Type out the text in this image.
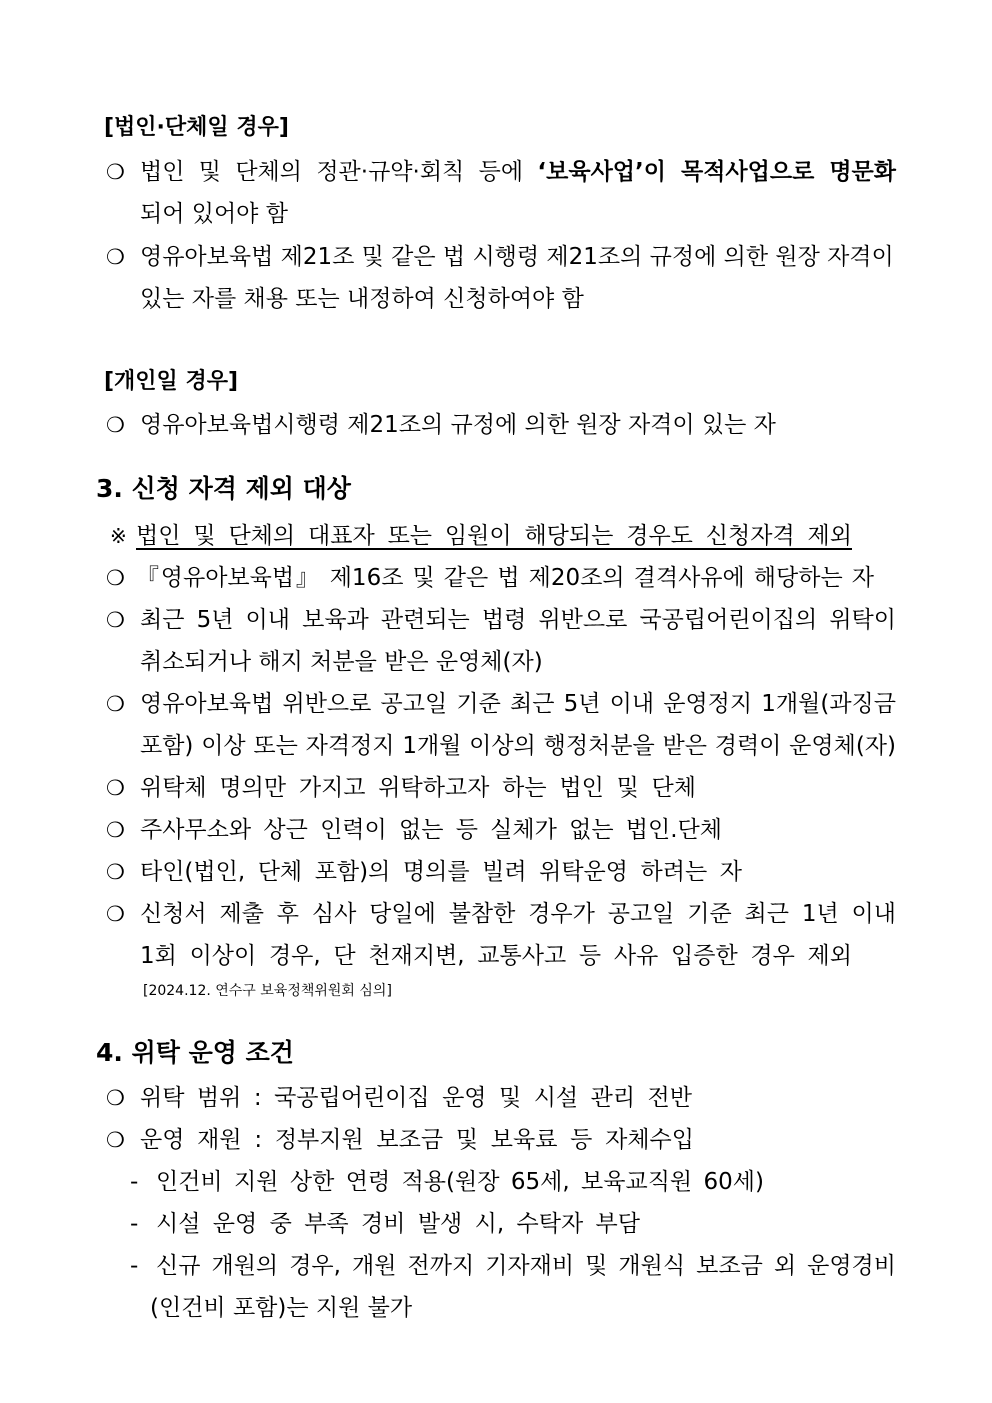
[법인·단체일 경우]
❍ 법인 및 단체의 정관·규약·회칙 등에 ‘보육사업’이 목적사업으로 명문화
되어 있어야 함
❍ 영유아보육법 제21조 및 같은 법 시행령 제21조의 규정에 의한 원장 자격이
있는 자를 채용 또는 내정하여 신청하여야 함
[개인일 경우]
❍ 영유아보육법시행령 제21조의 규정에 의한 원장 자격이 있는 자
3. 신청 자격 제외 대상
※ 법인 및 단체의 대표자 또는 임원이 해당되는 경우도 신청자격 제외
❍ 『영유아보육법』 제16조 및 같은 법 제20조의 결격사유에 해당하는 자
❍ 최근 5년 이내 보육과 관련되는 법령 위반으로 국공립어린이집의 위탁이
취소되거나 해지 처분을 받은 운영체(자)
❍ 영유아보육법 위반으로 공고일 기준 최근 5년 이내 운영정지 1개월(과징금
포함) 이상 또는 자격정지 1개월 이상의 행정처분을 받은 경력이 운영체(자)
❍ 위탁체 명의만 가지고 위탁하고자 하는 법인 및 단체
❍ 주사무소와 상근 인력이 없는 등 실체가 없는 법인.단체
❍ 타인(법인, 단체 포함)의 명의를 빌려 위탁운영 하려는 자
❍ 신청서 제출 후 심사 당일에 불참한 경우가 공고일 기준 최근 1년 이내
1회 이상이 경우, 단 천재지변, 교통사고 등 사유 입증한 경우 제외
[2024.12. 연수구 보육정책위원회 심의]
4. 위탁 운영 조건
❍ 위탁 범위 : 국공립어린이집 운영 및 시설 관리 전반
❍ 운영 재원 : 정부지원 보조금 및 보육료 등 자체수입
- 인건비 지원 상한 연령 적용(원장 65세, 보육교직원 60세)
- 시설 운영 중 부족 경비 발생 시, 수탁자 부담
- 신규 개원의 경우, 개원 전까지 기자재비 및 개원식 보조금 외 운영경비
(인건비 포함)는 지원 불가
